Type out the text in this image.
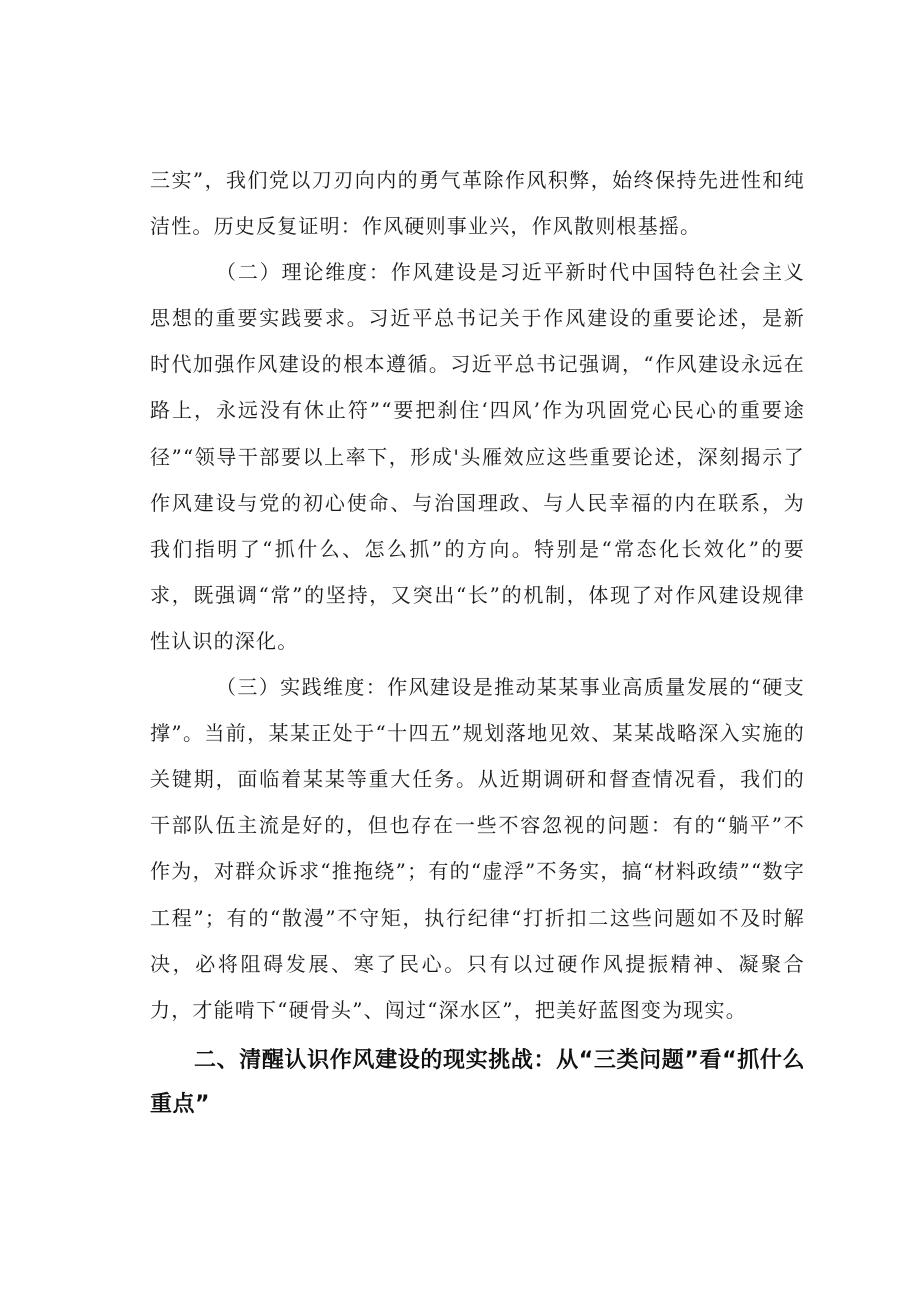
三实”，我们党以刀刃向内的勇气革除作风积弊，始终保持先进性和纯洁性。历史反复证明：作风硬则事业兴，作风散则根基摇。

（二）理论维度：作风建设是习近平新时代中国特色社会主义思想的重要实践要求。习近平总书记关于作风建设的重要论述，是新时代加强作风建设的根本遵循。习近平总书记强调，“作风建设永远在路上，永远没有休止符”“要把刹住‘四风’作为巩固党心民心的重要途径”“领导干部要以上率下，形成'头雁效应这些重要论述，深刻揭示了作风建设与党的初心使命、与治国理政、与人民幸福的内在联系，为我们指明了“抓什么、怎么抓”的方向。特别是“常态化长效化”的要求，既强调“常”的坚持，又突出“长”的机制，体现了对作风建设规律性认识的深化。

（三）实践维度：作风建设是推动某某事业高质量发展的“硬支撑”。当前，某某正处于“十四五”规划落地见效、某某战略深入实施的关键期，面临着某某等重大任务。从近期调研和督查情况看，我们的干部队伍主流是好的，但也存在一些不容忽视的问题：有的“躺平”不作为，对群众诉求“推拖绕”；有的“虚浮”不务实，搞“材料政绩”“数字工程”；有的“散漫”不守矩，执行纪律“打折扣二这些问题如不及时解决，必将阻碍发展、寒了民心。只有以过硬作风提振精神、凝聚合力，才能啃下“硬骨头”、闯过“深水区”，把美好蓝图变为现实。

二、清醒认识作风建设的现实挑战：从“三类问题”看“抓什么重点”
